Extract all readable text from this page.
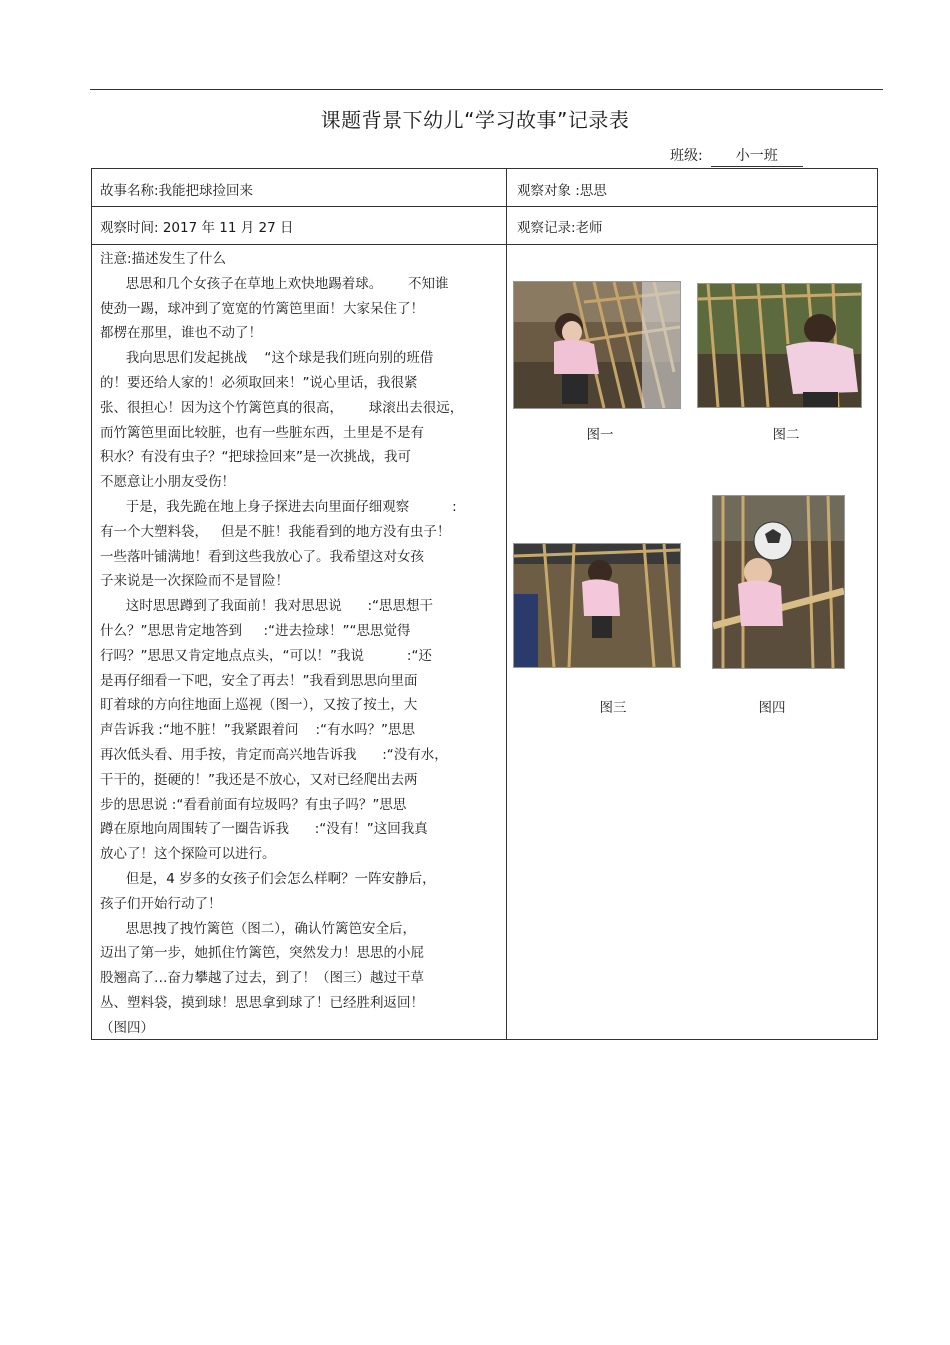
课题背景下幼儿“学习故事”记录表
班级: 小一班
故事名称:我能把球捡回来	观察对象 :思思
观察时间: 2017 年 11 月 27 日	观察记录:老师

注意:描述发生了什么

思思和几个女孩子在草地上欢快地踢着球。      不知谁

使劲一踢，球冲到了宽宽的竹篱笆里面！大家呆住了！

都楞在那里，谁也不动了！

我向思思们发起挑战    “这个球是我们班向别的班借

的！要还给人家的！必须取回来！”说心里话，我很紧

张、很担心！因为这个竹篱笆真的很高，      球滚出去很远，

而竹篱笆里面比较脏，也有一些脏东西，土里是不是有

积水？有没有虫子？“把球捡回来”是一次挑战，我可

不愿意让小朋友受伤！

于是，我先跪在地上身子探进去向里面仔细观察          :

有一个大塑料袋，   但是不脏！我能看到的地方没有虫子！

一些落叶铺满地！看到这些我放心了。我希望这对女孩

子来说是一次探险而不是冒险！

这时思思蹲到了我面前！我对思思说      :“思思想干

什么？”思思肯定地答到     :“进去捡球！”“思思觉得

行吗？”思思又肯定地点点头，“可以！”我说          :“还

是再仔细看一下吧，安全了再去！”我看到思思向里面

盯着球的方向往地面上巡视（图一），又按了按土，大

声告诉我 :“地不脏！”我紧跟着问    :“有水吗？”思思

再次低头看、用手按，肯定而高兴地告诉我      :“没有水，

干干的，挺硬的！”我还是不放心，又对已经爬出去两

步的思思说 :“看看前面有垃圾吗？有虫子吗？”思思

蹲在原地向周围转了一圈告诉我      :“没有！”这回我真

放心了！这个探险可以进行。

但是，4 岁多的女孩子们会怎么样啊？一阵安静后，

孩子们开始行动了！

思思拽了拽竹篱笆（图二），确认竹篱笆安全后，

迈出了第一步，她抓住竹篱笆，突然发力！思思的小屁

股翘高了…奋力攀越了过去，到了！（图三）越过干草

丛、塑料袋，摸到球！思思拿到球了！已经胜利返回！

（图四）

图一	图二
图三	图四
